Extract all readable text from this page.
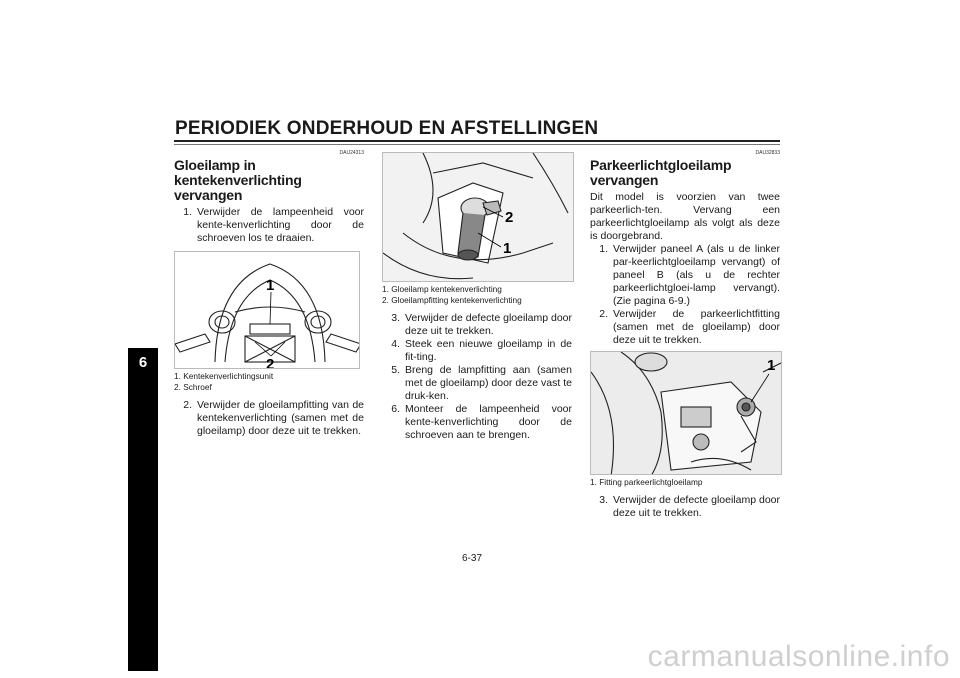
PERIODIEK ONDERHOUD EN AFSTELLINGEN
6
DAU24313
Gloeilamp in kentekenverlichting vervangen
1. Verwijder de lampeenheid voor kente-kenverlichting door de schroeven los te draaien.
1
2
1. Kentekenverlichtingsunit
2. Schroef
2. Verwijder de gloeilampfitting van de kentekenverlichting (samen met de gloeilamp) door deze uit te trekken.
2
1
1. Gloeilamp kentekenverlichting
2. Gloeilampfitting kentekenverlichting
3. Verwijder de defecte gloeilamp door deze uit te trekken.
4. Steek een nieuwe gloeilamp in de fit-ting.
5. Breng de lampfitting aan (samen met de gloeilamp) door deze vast te druk-ken.
6. Monteer de lampeenheid voor kente-kenverlichting door de schroeven aan te brengen.
DAU32833
Parkeerlichtgloeilamp vervangen
Dit model is voorzien van twee parkeerlich-ten. Vervang een parkeerlichtgloeilamp als volgt als deze is doorgebrand.
1. Verwijder paneel A (als u de linker par-keerlichtgloeilamp vervangt) of paneel B (als u de rechter parkeerlichtgloei-lamp vervangt). (Zie pagina 6-9.)
2. Verwijder de parkeerlichtfitting (samen met de gloeilamp) door deze uit te trekken.
1
1. Fitting parkeerlichtgloeilamp
3. Verwijder de defecte gloeilamp door deze uit te trekken.
6-37
carmanualsonline.info
